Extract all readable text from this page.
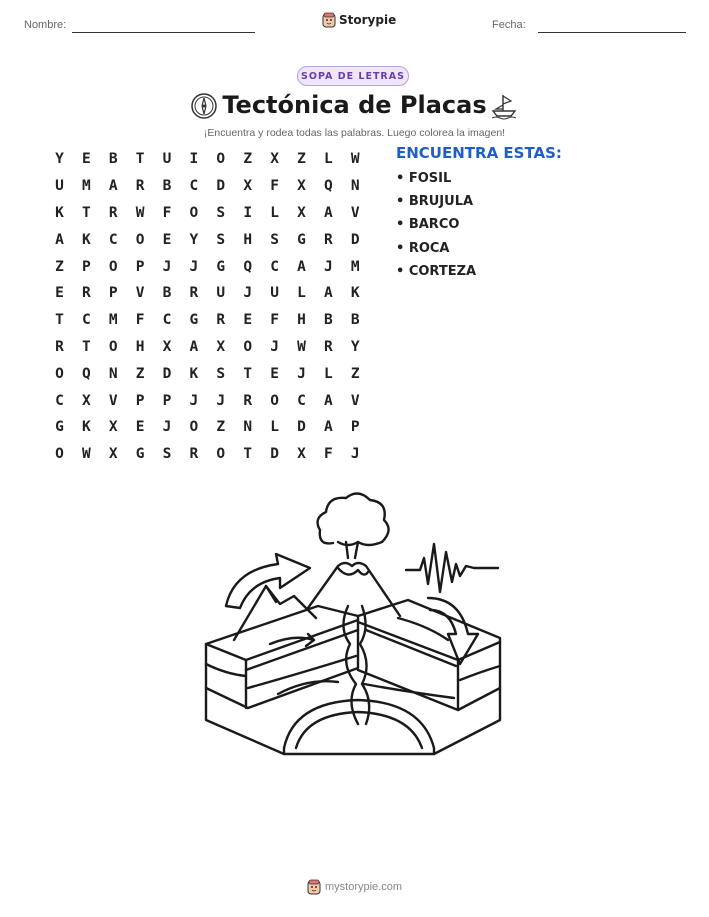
Nombre:	Storypie	Fecha:
SOPA DE LETRAS
Tectónica de Placas
¡Encuentra y rodea todas las palabras. Luego colorea la imagen!
Y	E	B	T	U	I	O	Z	X	Z	L	W
U	M	A	R	B	C	D	X	F	X	Q	N
K	T	R	W	F	O	S	I	L	X	A	V
A	K	C	O	E	Y	S	H	S	G	R	D
Z	P	O	P	J	J	G	Q	C	A	J	M
E	R	P	V	B	R	U	J	U	L	A	K
T	C	M	F	C	G	R	E	F	H	B	B
R	T	O	H	X	A	X	O	J	W	R	Y
O	Q	N	Z	D	K	S	T	E	J	L	Z
C	X	V	P	P	J	J	R	O	C	A	V
G	K	X	E	J	O	Z	N	L	D	A	P
O	W	X	G	S	R	O	T	D	X	F	J
ENCUENTRA ESTAS:
• FOSIL
• BRUJULA
• BARCO
• ROCA
• CORTEZA
mystorypie.com
